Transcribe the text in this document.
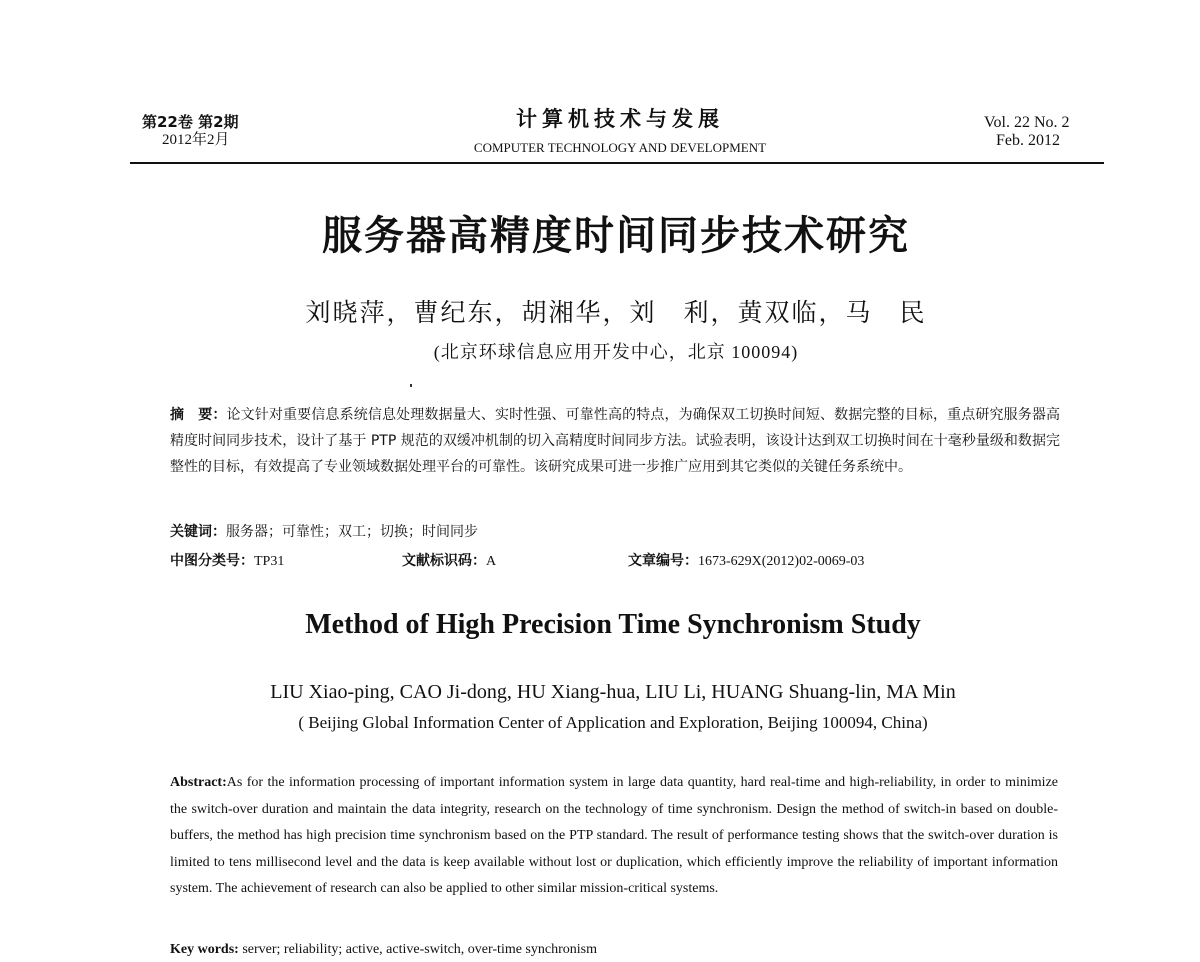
第22卷 第2期
2012年2月
计算机技术与发展
COMPUTER TECHNOLOGY AND DEVELOPMENT
Vol. 22 No. 2
Feb. 2012
服务器高精度时间同步技术研究
刘晓萍，曹纪东，胡湘华，刘　利，黄双临，马　民
(北京环球信息应用开发中心，北京 100094)
摘　要：论文针对重要信息系统信息处理数据量大、实时性强、可靠性高的特点，为确保双工切换时间短、数据完整的目标，重点研究服务器高精度时间同步技术，设计了基于 PTP 规范的双缓冲机制的切入高精度时间同步方法。试验表明，该设计达到双工切换时间在十毫秒量级和数据完整性的目标，有效提高了专业领域数据处理平台的可靠性。该研究成果可进一步推广应用到其它类似的关键任务系统中。
关键词：服务器；可靠性；双工；切换；时间同步
中图分类号：TP31	文献标识码：A	文章编号：1673-629X(2012)02-0069-03
Method of High Precision Time Synchronism Study
LIU Xiao-ping, CAO Ji-dong, HU Xiang-hua, LIU Li, HUANG Shuang-lin, MA Min
( Beijing Global Information Center of Application and Exploration, Beijing 100094, China)
Abstract:As for the information processing of important information system in large data quantity, hard real-time and high-reliability, in order to minimize the switch-over duration and maintain the data integrity, research on the technology of time synchronism. Design the method of switch-in based on double-buffers, the method has high precision time synchronism based on the PTP standard. The result of performance testing shows that the switch-over duration is limited to tens millisecond level and the data is keep available without lost or duplication, which efficiently improve the reliability of important information system. The achievement of research can also be applied to other similar mission-critical systems.
Key words: server; reliability; active, active-switch, over-time synchronism
